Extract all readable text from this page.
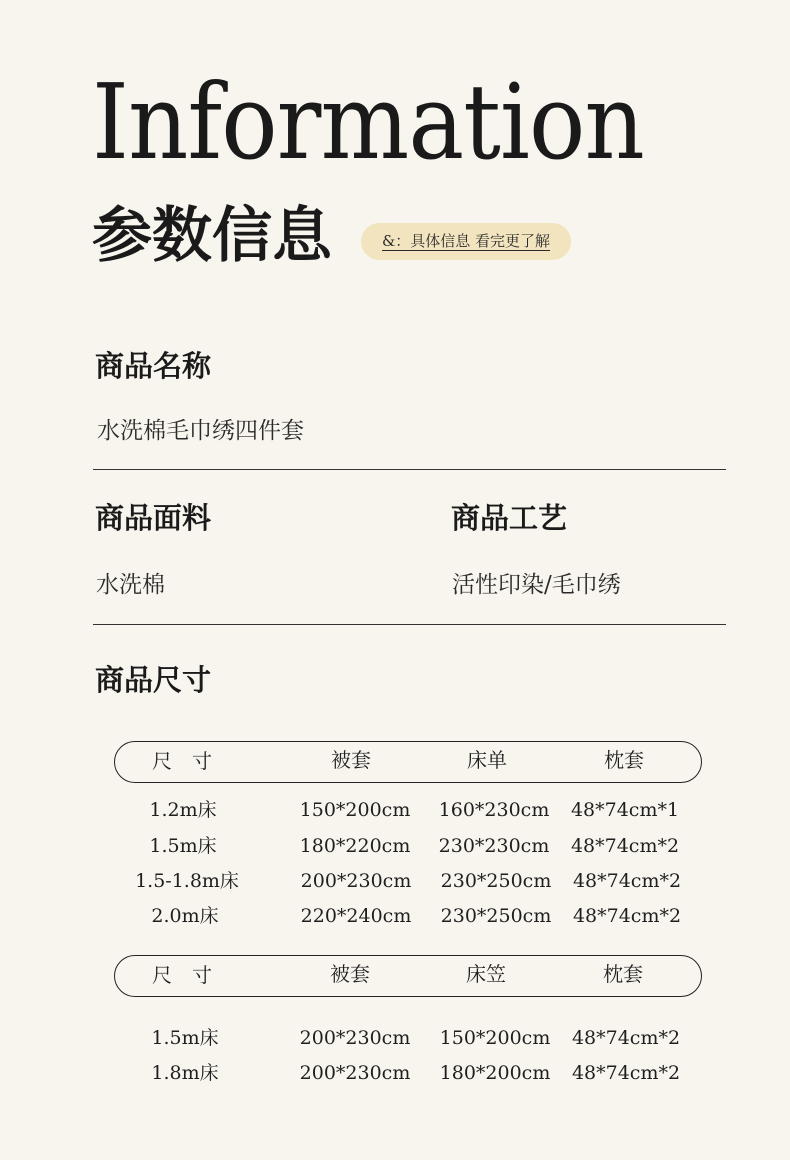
Information
参数信息	&：具体信息 看完更了解
商品名称
水洗棉毛巾绣四件套
商品面料
水洗棉
商品工艺
活性印染/毛巾绣
商品尺寸
尺　寸	被套	床单	枕套
1.2m床	150*200cm 160*230cm 48*74cm*1
1.5m床	180*220cm 230*230cm 48*74cm*2
1.5-1.8m床	200*230cm 230*250cm 48*74cm*2
2.0m床	220*240cm 230*250cm 48*74cm*2
尺　寸	被套	床笠	枕套
1.5m床	200*230cm 150*200cm 48*74cm*2
1.8m床	200*230cm 180*200cm 48*74cm*2
